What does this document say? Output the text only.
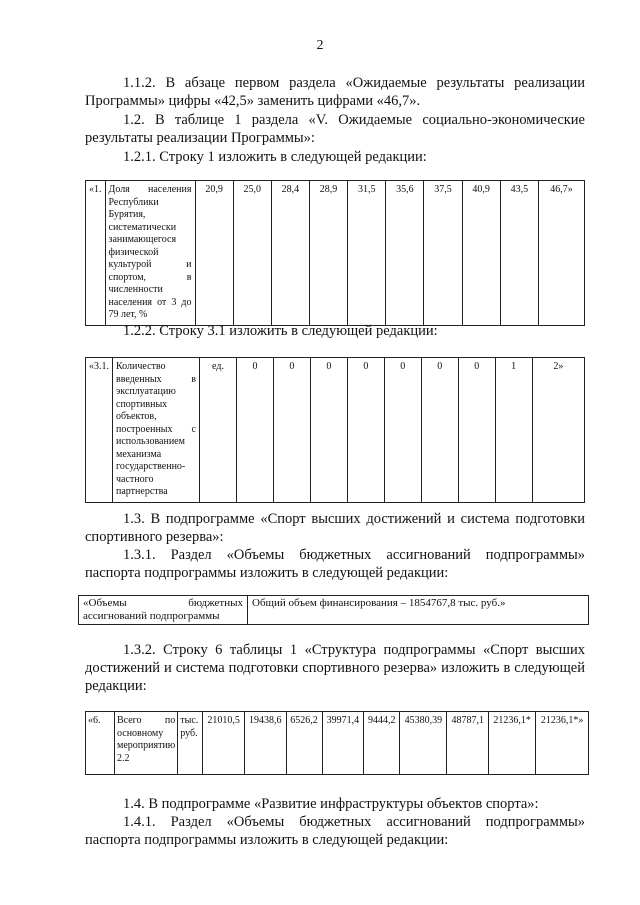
2

1.1.2. В абзаце первом раздела «Ожидаемые результаты реализации Программы» цифры «42,5» заменить цифрами «46,7».

1.2. В таблице 1 раздела «V. Ожидаемые социально-экономические результаты реализации Программы»:

1.2.1. Строку 1 изложить в следующей редакции:

«1.	Доля населения Республики Бурятия, систематически занимающегося физической культурой и спортом, в численности населения от 3 до 79 лет, %	20,9	25,0	28,4	28,9	31,5	35,6	37,5	40,9	43,5	46,7»

1.2.2. Строку 3.1 изложить в следующей редакции:

«3.1.	Количество введенных в эксплуатацию спортивных объектов, построенных с использованием механизма государственно-частного партнерства	ед.	0	0	0	0	0	0	0	1	2»

1.3. В подпрограмме «Спорт высших достижений и система подготовки спортивного резерва»:

1.3.1. Раздел «Объемы бюджетных ассигнований подпрограммы» паспорта подпрограммы изложить в следующей редакции:

«Объемы бюджетных ассигнований подпрограммы	Общий объем финансирования – 1854767,8 тыс. руб.»

1.3.2. Строку 6 таблицы 1 «Структура подпрограммы «Спорт высших достижений и система подготовки спортивного резерва» изложить в следующей редакции:

«6.	Всего по основному мероприятию 2.2	тыс. руб.	21010,5	19438,6	6526,2	39971,4	9444,2	45380,39	48787,1	21236,1*	21236,1*»

1.4. В подпрограмме «Развитие инфраструктуры объектов спорта»:

1.4.1. Раздел «Объемы бюджетных ассигнований подпрограммы» паспорта подпрограммы изложить в следующей редакции:
